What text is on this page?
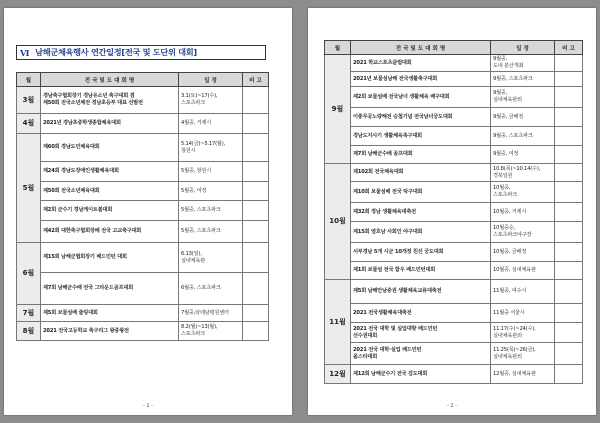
Ⅵ 남해군체육행사 연간일정[전국 및 도단위 대회]
월	전 국 및 도 대 회 명	일 정	비 고
3월	경남축구협회장기 경남유소년 축구대회 겸
제50회 전국소년체전 경남초등부 대표 선발전	3.1(토)~17(수),
스포츠파크	

4월	2021년 경남초중학생종합체육대회	4월중, 거제시	

5월	제60회 경남도민체육대회	5.14(금)~5.17(월),
창원시	

	제24회 경남도장애인생활체육대회	5월중, 창원시	

	제50회 전국소년체육대회	5월중, 여정	

	제2회 군수기 경남게이트볼대회	5월중, 스포츠파크	

	제42회 대한축구협회장배 전국 고교축구대회	5월중, 스포츠파크	

6월	제15회 남해군협회장기 배드민턴 대회	6.13(일),
실내체육관	

	제7회 남해군수배 전국 그라운드골프대회	6월중, 스포츠파크	

7월	제5회 보물섬배 줄링대회	7월중,타데남평원센터	

8월	2021 전국고등학교 축구리그 왕중왕전	8.2(월)~13(월),
스포츠파크	

- 1 -
월	전 국 및 도 대 회 명	일 정	비 고
9월	2021 학교스포츠클럽대회	9월중,
도내 분산개최	

	2021년 보물섬남해 전국생활축구대회	9월중, 스포츠파크	

	제2회 보물섬배 전국남녀 생활체육 배구대회	9월중,
실내체육관외	

	이충무공노량해전 승첩기념 전국남녀궁도대회	9월중, 금배정	

	경남도지사기 생활체육족구대회	9월중, 스포츠파크	

	제7회 남해군수배 골프대회	9월중, 여정	

10월	제102회 전국체육대회	10.8(목)~10.14(수),
경북일원	

	제10회 보물섬배 전국 탁구대회	10월중,
스포츠파크	

	제32회 경남 생활체육대축전	10월중, 거제시	

	제15회 염호남 사회인 야구대회	10월중순,
스포츠파크야구장	

	서부경남 5개 시군 10개정 친선 궁도대회	10월중, 금배정	

	제1회 보물섬 전국 함우 배드민턴대회	10월중, 실내체육관	

11월	제5회 남해안남중권 생활체육교류대축전	11월중, 여수시	

	2021 전국생활체육대축전	11월중 서울시	

	2021 전국 대학 및 실업대항 배드민턴
선수권대회	11.17(수)~24(수),
실내체육관외	

	2021 전국 대학·실업 배드민턴
올스타대회	11.25(목)~26(금),
실내체육관외	

12월	제12회 남해군수기 전국 검도대회	12월중, 실내체육관	

- 2 -
